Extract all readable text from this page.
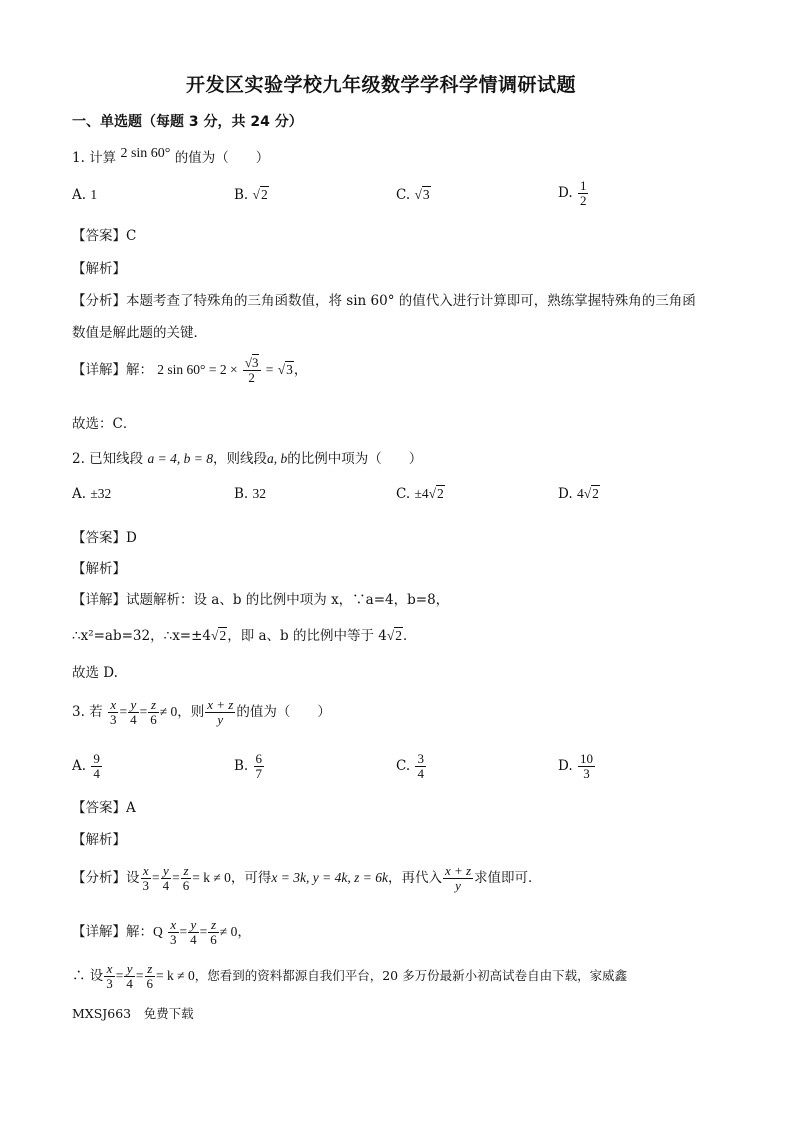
开发区实验学校九年级数学学科学情调研试题
一、单选题（每题 3 分，共 24 分）
1. 计算 2 sin 60° 的值为（　　）
A. 1	B. √2	C. √3	D. $\frac{1}{2}$
【答案】C
【解析】
【分析】本题考查了特殊角的三角函数值，将 sin 60° 的值代入进行计算即可，熟练掌握特殊角的三角函
数值是解此题的关键．
【详解】解： 2 $\sin 60^\circ = 2 \times \frac{√3}{2} = √3$，
故选：C．
2. 已知线段 a = 4, b = 8，则线段a, b的比例中项为（　　）
A. ±32	B. 32	C. ±4√2	D. 4√2
【答案】D
【解析】
【详解】试题解析：设 a、b 的比例中项为 x，∵a=4，b=8，
∴x²=ab=32，∴x=±4√2，即 a、b 的比例中等于 4√2．
故选 D.
3. 若 $\frac{x}{3} = \frac{y}{4} = \frac{z}{6} \ne 0$，则 $\frac{x + z}{y}$ 的值为（　　）
A. $\frac{9}{4}$	B. $\frac{6}{7}$	C. $\frac{3}{4}$	D. $\frac{10}{3}$
【答案】A
【解析】
【分析】设 $\frac{x}{3} = \frac{y}{4} = \frac{z}{6} = k \ne 0$，可得x = 3k, y = 4k, z = 6k，再代入 $\frac{x + z}{y}$ 求值即可．
【详解】解：Q $\frac{x}{3} = \frac{y}{4} = \frac{z}{6} \ne 0$，
∴ 设 $\frac{x}{3} = \frac{y}{4} = \frac{z}{6} = k \ne 0$，您看到的资料都源自我们平台，20 多万份最新小初高试卷自由下载，家威鑫
MXSJ663　免费下载
